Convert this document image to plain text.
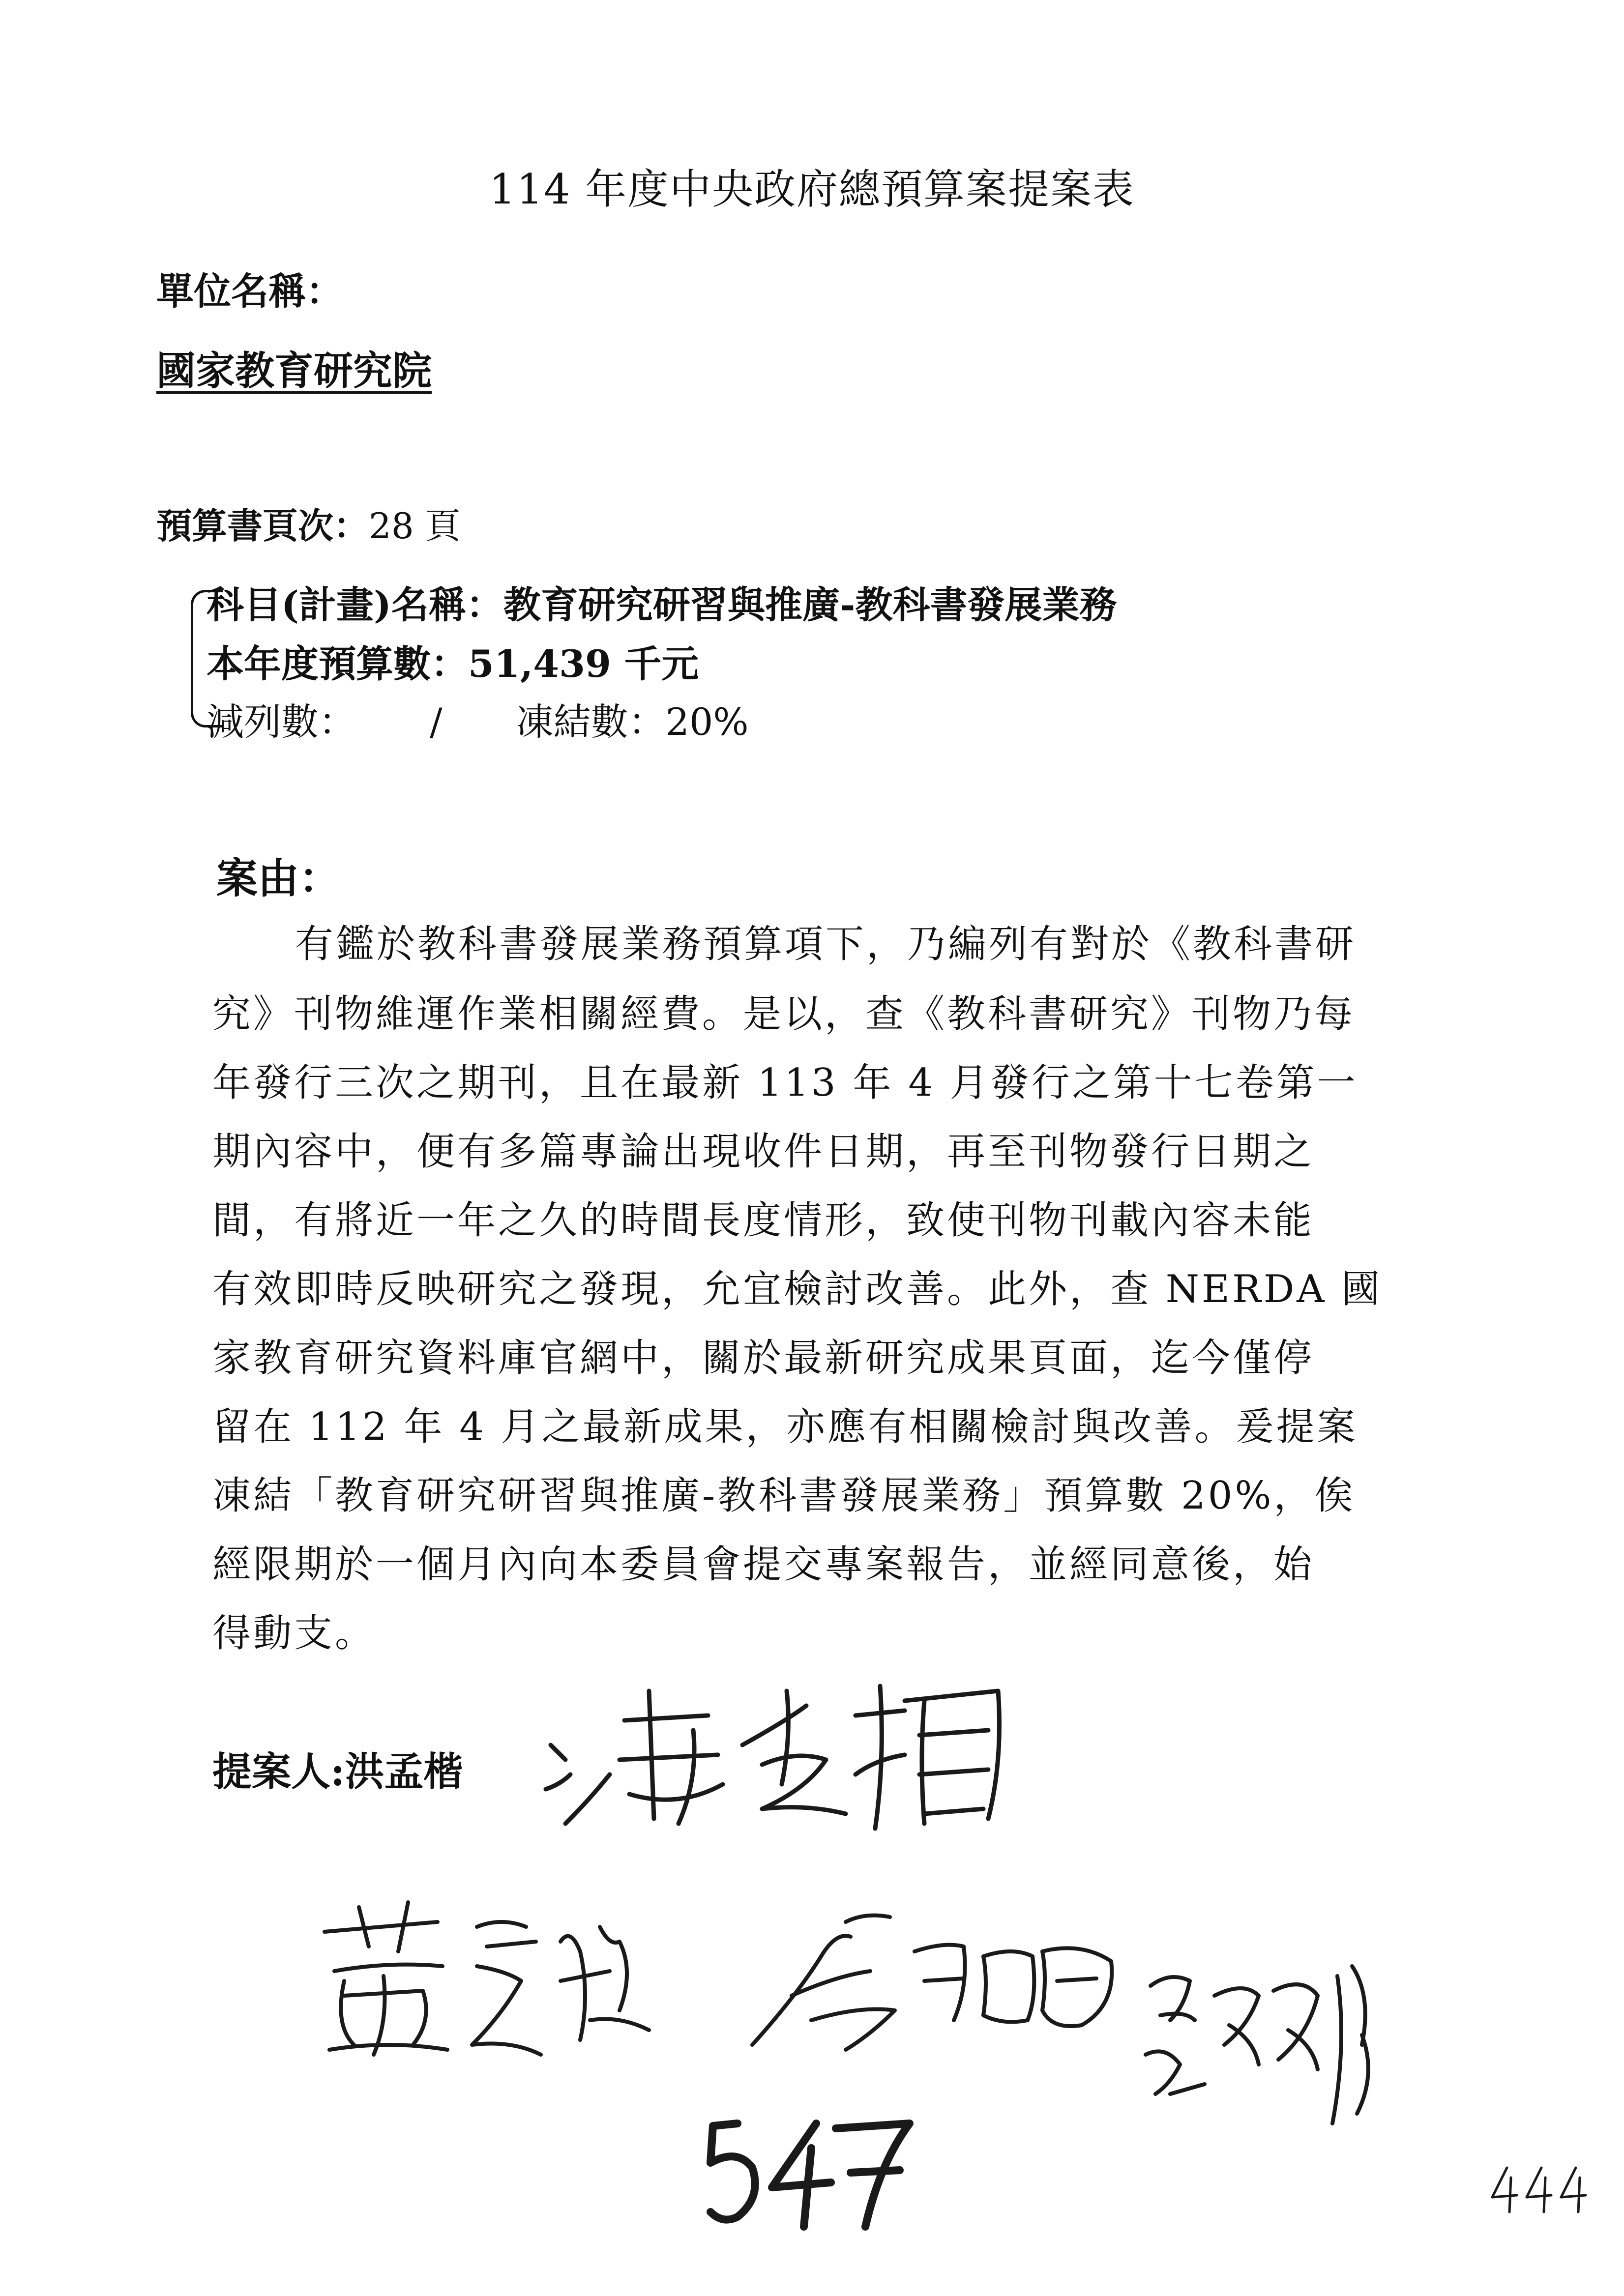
114 年度中央政府總預算案提案表
單位名稱：
國家教育研究院
預算書頁次：28 頁
科目(計畫)名稱：教育研究研習與推廣-教科書發展業務
本年度預算數：51,439 千元
減列數： / 凍結數：20%
案由：
有鑑於教科書發展業務預算項下，乃編列有對於《教科書研
究》刊物維運作業相關經費。是以，查《教科書研究》刊物乃每
年發行三次之期刊，且在最新 113 年 4 月發行之第十七卷第一
期內容中，便有多篇專論出現收件日期，再至刊物發行日期之
間，有將近一年之久的時間長度情形，致使刊物刊載內容未能
有效即時反映研究之發現，允宜檢討改善。此外，查 NERDA 國
家教育研究資料庫官網中，關於最新研究成果頁面，迄今僅停
留在 112 年 4 月之最新成果，亦應有相關檢討與改善。爰提案
凍結「教育研究研習與推廣-教科書發展業務」預算數 20%，俟
經限期於一個月內向本委員會提交專案報告，並經同意後，始
得動支。
提案人:洪孟楷
